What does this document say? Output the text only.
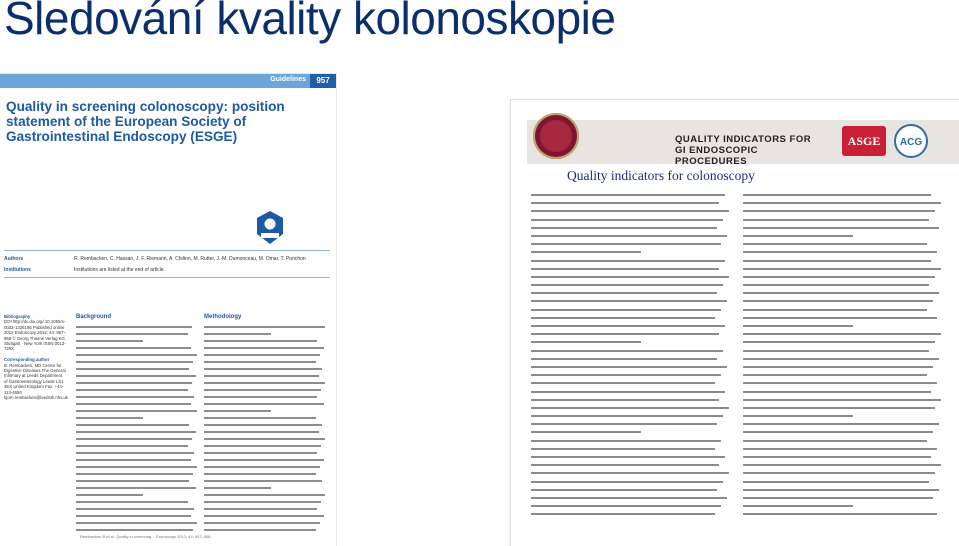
Sledování kvality kolonoskopie
Guidelines	957
Quality in screening colonoscopy: position statement of the European Society of Gastrointestinal Endoscopy (ESGE)
Authors	R. Rembacken, C. Hassan, J. F. Riemann, A. Chilton, M. Rutter, J.-M. Dumonceau, M. Omar, T. Ponchon
Institutions	Institutions are listed at the end of article.
Bibliography
DOI http://dx.doi.org/ 10.1055/s-0032-1326186 Published online 2012 Endoscopy 2012; 44: 957–968 © Georg Thieme Verlag KG Stuttgart · New York ISSN 0013-726X

Corresponding author
B. Rembacken, MD Centre for Digestive Diseases The General Infirmary at Leeds Department of Gastroenterology Leeds LS1 3EX United Kingdom Fax: +44-113-4650 bjorn.rembacken@leedsth.nhs.uk
Background	Methodology
Rembacken B et al. Quality in screening… Endoscopy 2012; 44: 957–968
QUALITY INDICATORS FOR GI ENDOSCOPIC PROCEDURES
ASGE	ACG
Quality indicators for colonoscopy
